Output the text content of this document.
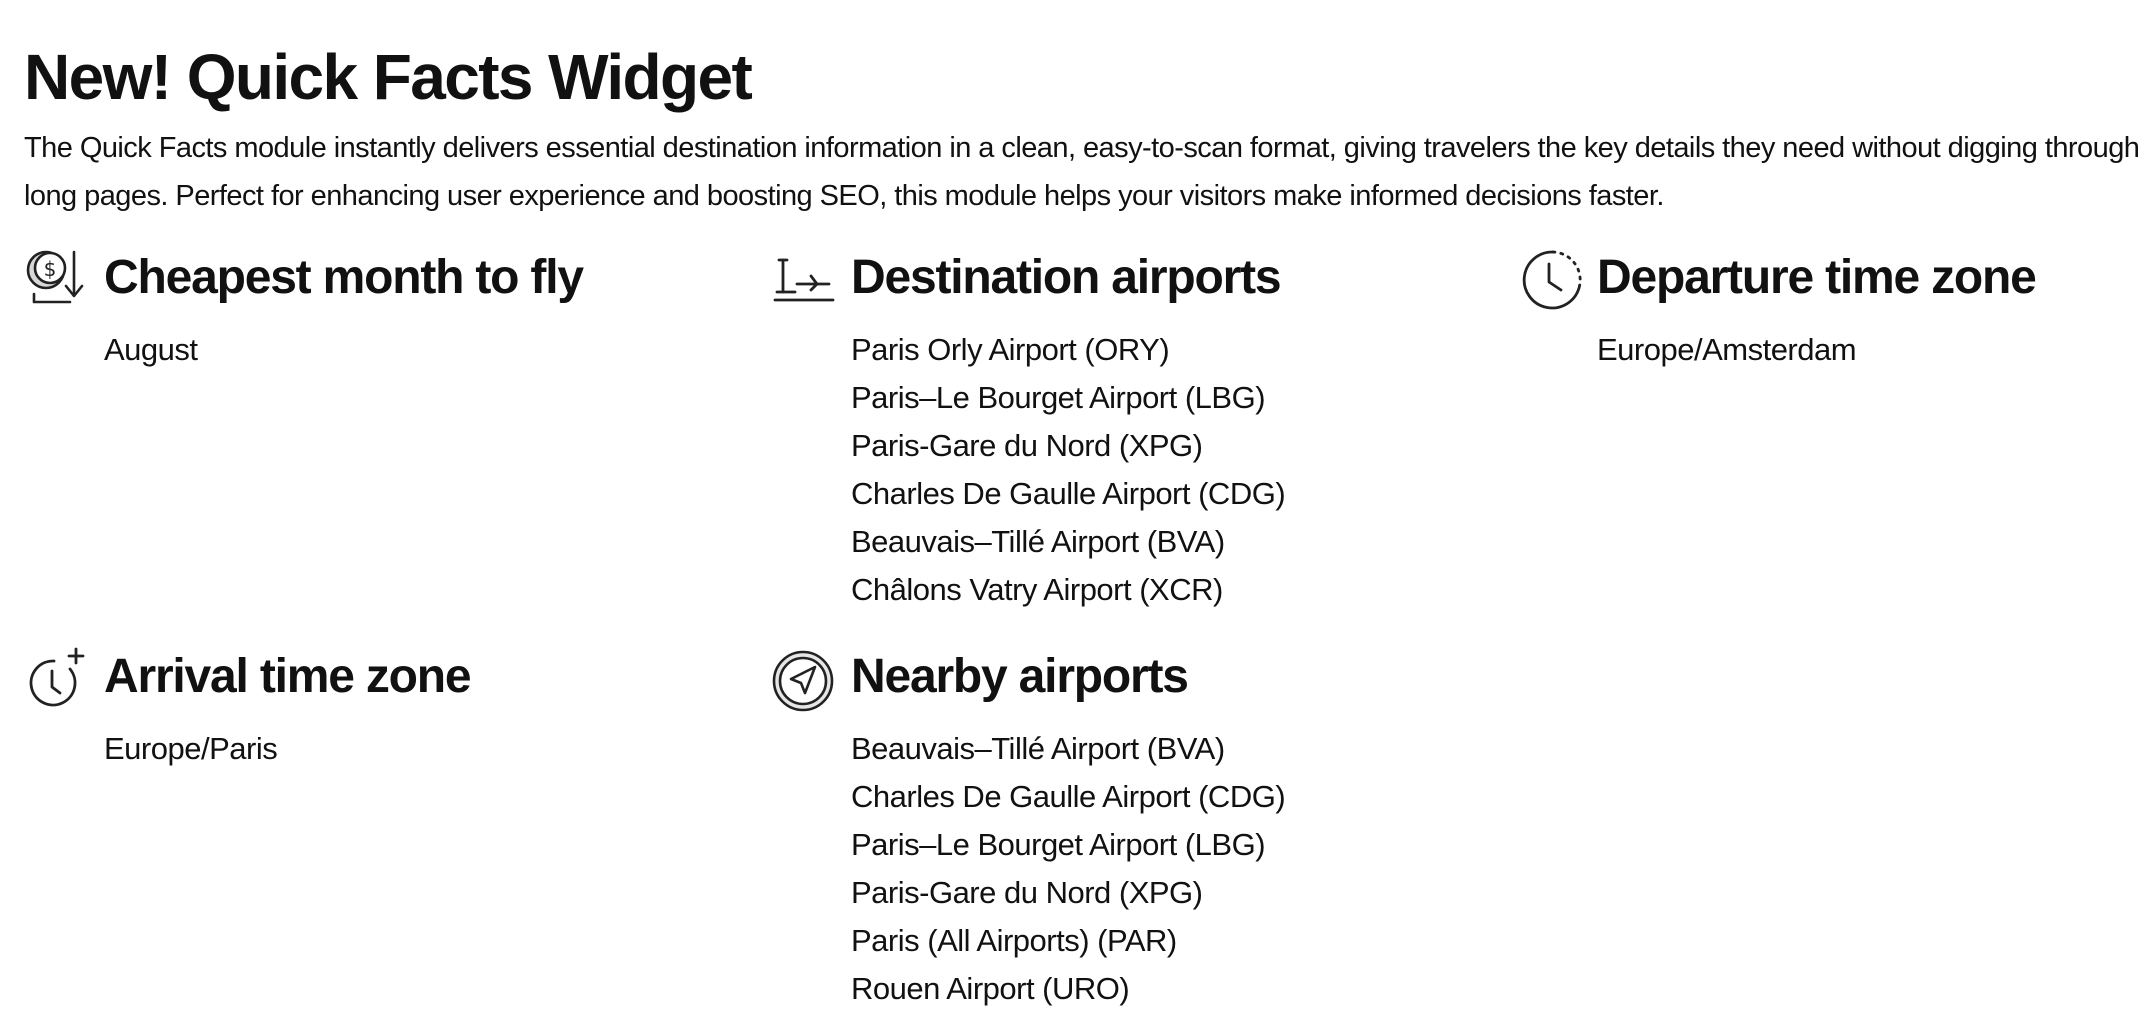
New! Quick Facts Widget

The Quick Facts module instantly delivers essential destination information in a clean, easy-to-scan format, giving travelers the key details they need without digging through long pages. Perfect for enhancing user experience and boosting SEO, this module helps your visitors make informed decisions faster.

$ Cheapest month to fly
August
Destination airports
Paris Orly Airport (ORY)
Paris–Le Bourget Airport (LBG)
Paris-Gare du Nord (XPG)
Charles De Gaulle Airport (CDG)
Beauvais–Tillé Airport (BVA)
Châlons Vatry Airport (XCR)
Departure time zone
Europe/Amsterdam
Arrival time zone
Europe/Paris
Nearby airports
Beauvais–Tillé Airport (BVA)
Charles De Gaulle Airport (CDG)
Paris–Le Bourget Airport (LBG)
Paris-Gare du Nord (XPG)
Paris (All Airports) (PAR)
Rouen Airport (URO)
